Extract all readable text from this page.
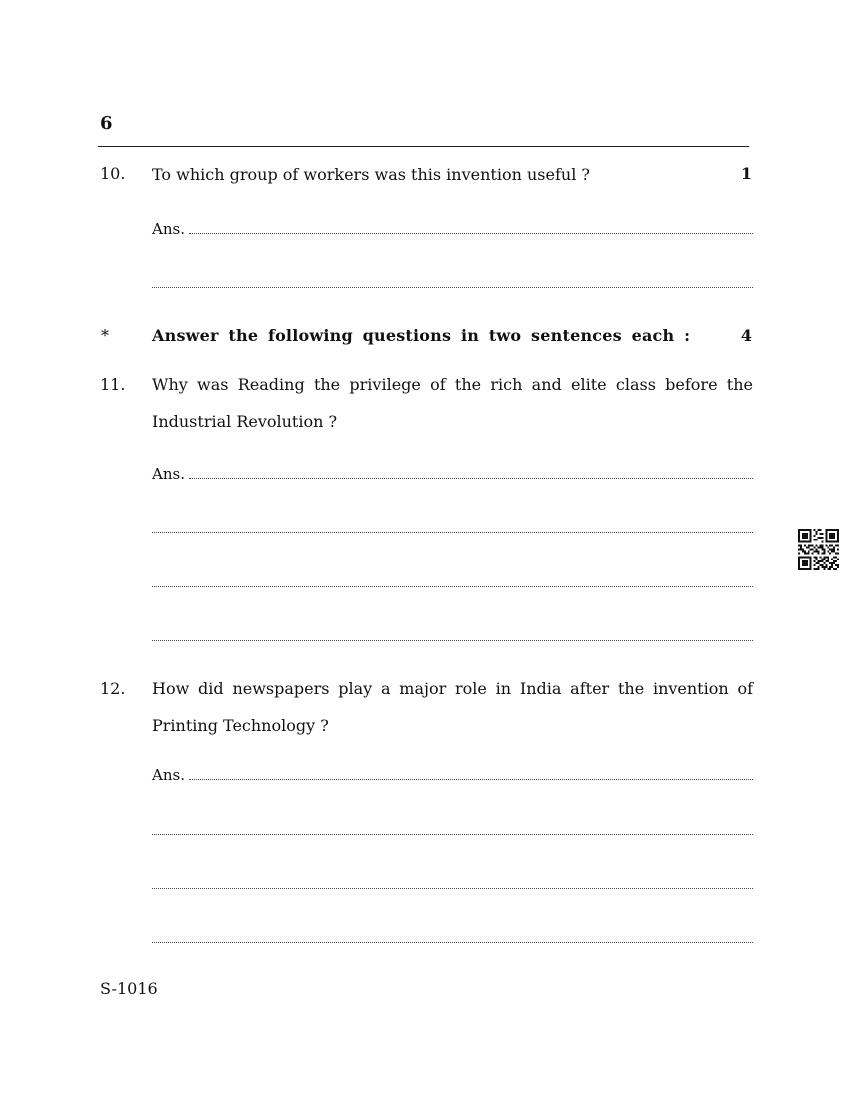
6
10. To which group of workers was this invention useful ?	1
Ans.
*	Answer the following questions in two sentences each :	4
11. Why was Reading the privilege of the rich and elite class before the Industrial Revolution ?
Ans.
12. How did newspapers play a major role in India after the invention of Printing Technology ?
Ans.
S-1016
